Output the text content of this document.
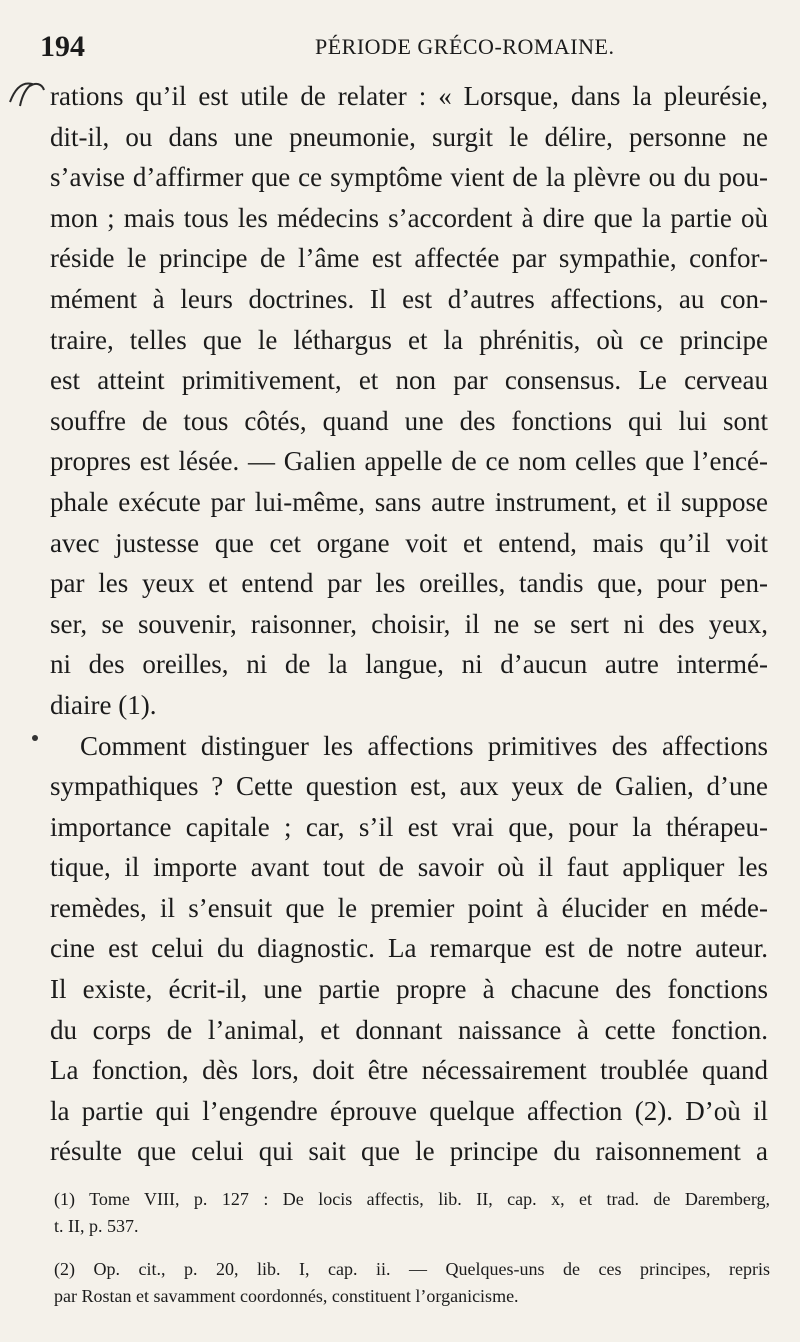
194	PÉRIODE GRÉCO-ROMAINE.
rations qu’il est utile de relater : « Lorsque, dans la pleurésie,
dit-il, ou dans une pneumonie, surgit le délire, personne ne
s’avise d’affirmer que ce symptôme vient de la plèvre ou du pou-
mon ; mais tous les médecins s’accordent à dire que la partie où
réside le principe de l’âme est affectée par sympathie, confor-
mément à leurs doctrines. Il est d’autres affections, au con-
traire, telles que le léthargus et la phrénitis, où ce principe
est atteint primitivement, et non par consensus. Le cerveau
souffre de tous côtés, quand une des fonctions qui lui sont
propres est lésée. — Galien appelle de ce nom celles que l’encé-
phale exécute par lui-même, sans autre instrument, et il suppose
avec justesse que cet organe voit et entend, mais qu’il voit
par les yeux et entend par les oreilles, tandis que, pour pen-
ser, se souvenir, raisonner, choisir, il ne se sert ni des yeux,
ni des oreilles, ni de la langue, ni d’aucun autre intermé-
diaire (1).
Comment distinguer les affections primitives des affections
sympathiques ? Cette question est, aux yeux de Galien, d’une
importance capitale ; car, s’il est vrai que, pour la thérapeu-
tique, il importe avant tout de savoir où il faut appliquer les
remèdes, il s’ensuit que le premier point à élucider en méde-
cine est celui du diagnostic. La remarque est de notre auteur.
Il existe, écrit-il, une partie propre à chacune des fonctions
du corps de l’animal, et donnant naissance à cette fonction.
La fonction, dès lors, doit être nécessairement troublée quand
la partie qui l’engendre éprouve quelque affection (2). D’où il
résulte que celui qui sait que le principe du raisonnement a
(1) Tome VIII, p. 127 : De locis affectis, lib. II, cap. x, et trad. de Daremberg,
t. II, p. 537.
(2) Op. cit., p. 20, lib. I, cap. ii. — Quelques-uns de ces principes, repris
par Rostan et savamment coordonnés, constituent l’organicisme.
